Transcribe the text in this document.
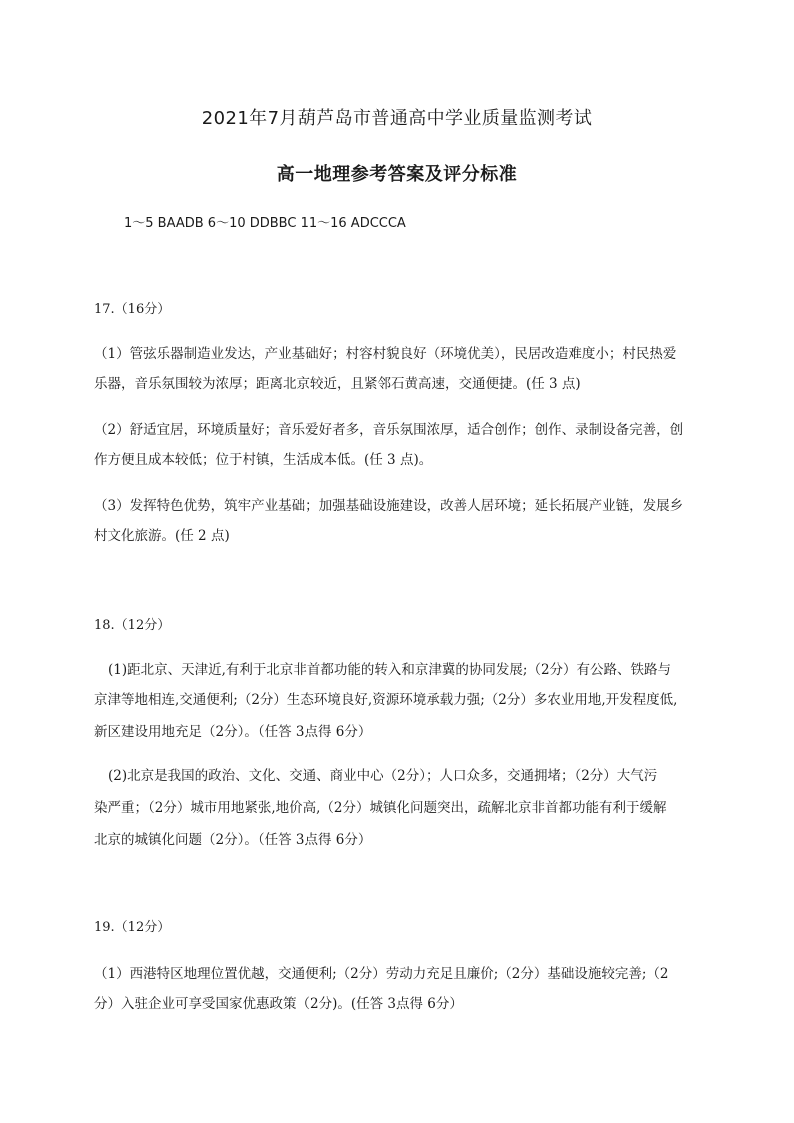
2021年7月葫芦岛市普通高中学业质量监测考试
高一地理参考答案及评分标准
1～5 BAADB 6～10 DDBBC 11～16 ADCCCA
17.（16分）
（1）管弦乐器制造业发达，产业基础好；村容村貌良好（环境优美），民居改造难度小；村民热爱
乐器，音乐氛围较为浓厚；距离北京较近，且紧邻石黄高速，交通便捷。(任 3 点)
（2）舒适宜居，环境质量好；音乐爱好者多，音乐氛围浓厚，适合创作；创作、录制设备完善，创
作方便且成本较低；位于村镇，生活成本低。(任 3 点)。
（3）发挥特色优势，筑牢产业基础；加强基础设施建设，改善人居环境；延长拓展产业链，发展乡
村文化旅游。(任 2 点)
18.（12分）
(1)距北京、天津近,有利于北京非首都功能的转入和京津冀的协同发展;（2分）有公路、铁路与
京津等地相连,交通便利;（2分）生态环境良好,资源环境承载力强;（2分）多农业用地,开发程度低,
新区建设用地充足（2分）。（任答 3点得 6分）
(2)北京是我国的政治、文化、交通、商业中心（2分）；人口众多，交通拥堵；（2分）大气污
染严重；（2分）城市用地紧张,地价高,（2分）城镇化问题突出，疏解北京非首都功能有利于缓解
北京的城镇化问题（2分）。（任答 3点得 6分）
19.（12分）
（1）西港特区地理位置优越，交通便利;（2分）劳动力充足且廉价;（2分）基础设施较完善;（2
分）入驻企业可享受国家优惠政策（2分)。(任答 3点得 6分）
